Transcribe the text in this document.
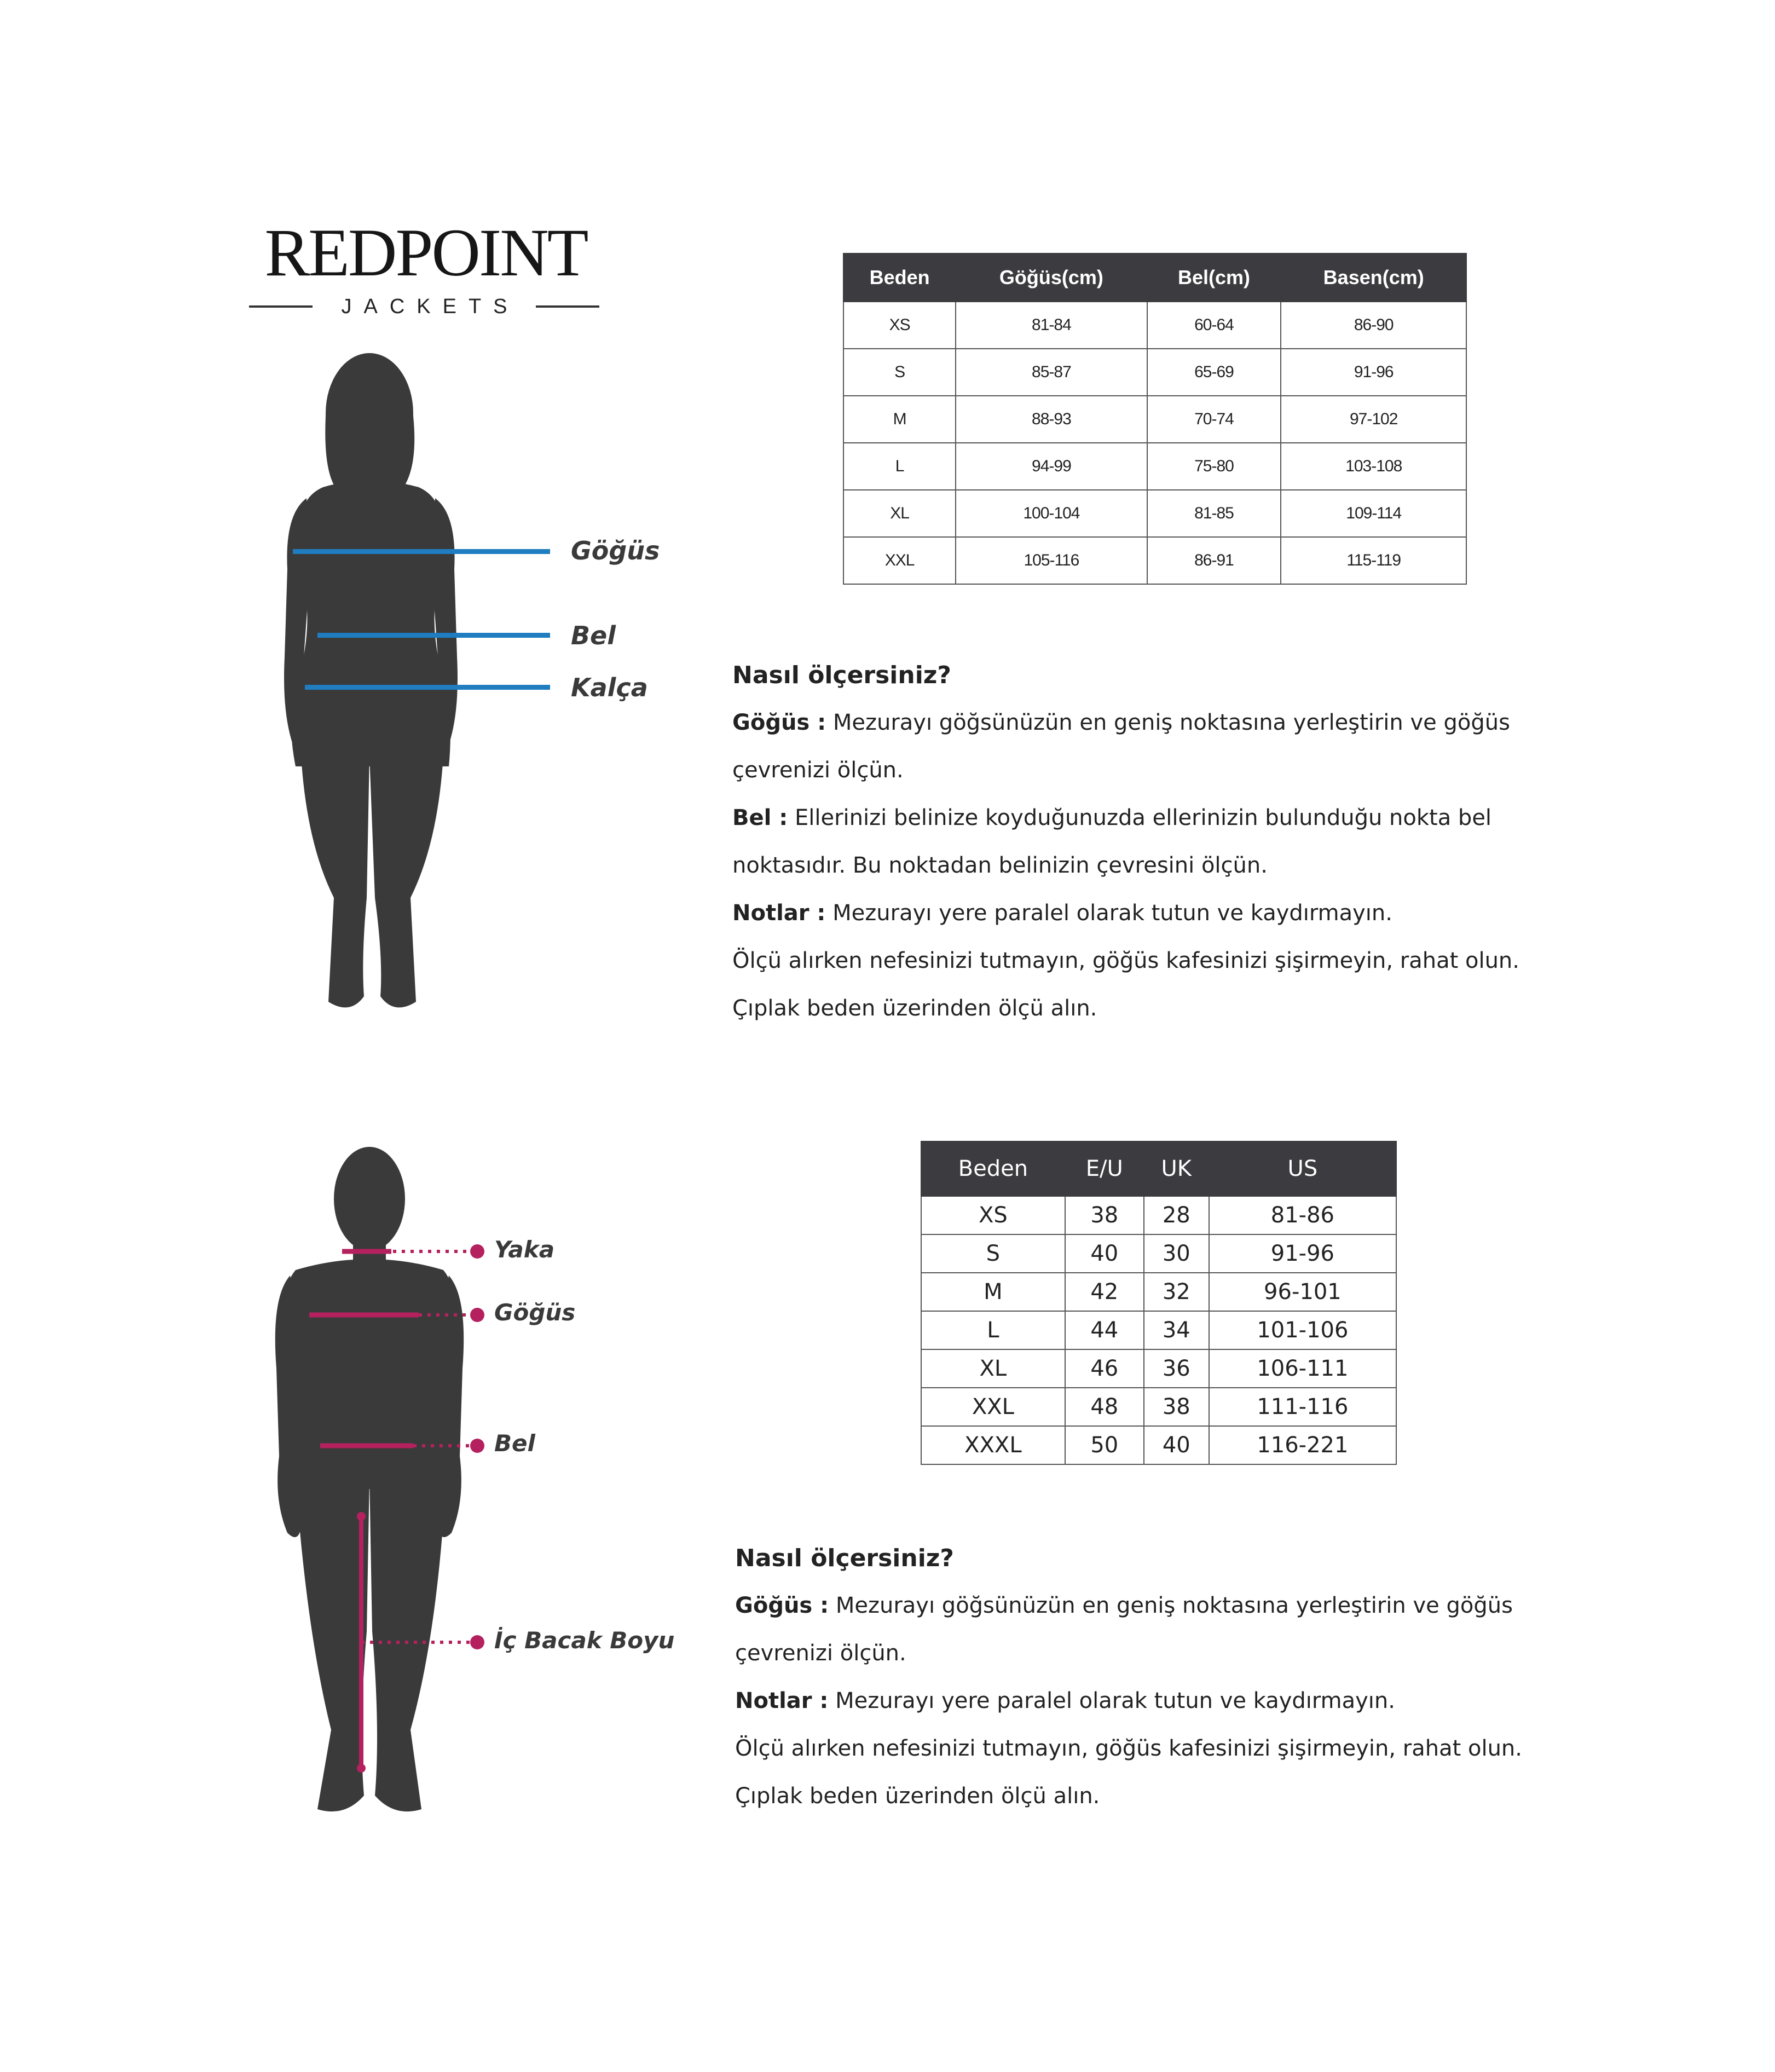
REDPOINT
JACKETS
Göğüs
Bel
Kalça
Beden	Göğüs(cm)	Bel(cm)	Basen(cm)
XS	81-84	60-64	86-90
S	85-87	65-69	91-96
M	88-93	70-74	97-102
L	94-99	75-80	103-108
XL	100-104	81-85	109-114
XXL	105-116	86-91	115-119
Nasıl ölçersiniz?
Göğüs : Mezurayı göğsünüzün en geniş noktasına yerleştirin ve göğüs
çevrenizi ölçün.
Bel : Ellerinizi belinize koyduğunuzda ellerinizin bulunduğu nokta bel
noktasıdır. Bu noktadan belinizin çevresini ölçün.
Notlar : Mezurayı yere paralel olarak tutun ve kaydırmayın.
Ölçü alırken nefesinizi tutmayın, göğüs kafesinizi şişirmeyin, rahat olun.
Çıplak beden üzerinden ölçü alın.
Yaka
Göğüs
Bel
İç Bacak Boyu
Beden	E/U	UK	US
XS	38	28	81-86
S	40	30	91-96
M	42	32	96-101
L	44	34	101-106
XL	46	36	106-111
XXL	48	38	111-116
XXXL	50	40	116-221
Nasıl ölçersiniz?
Göğüs : Mezurayı göğsünüzün en geniş noktasına yerleştirin ve göğüs
çevrenizi ölçün.
Notlar : Mezurayı yere paralel olarak tutun ve kaydırmayın.
Ölçü alırken nefesinizi tutmayın, göğüs kafesinizi şişirmeyin, rahat olun.
Çıplak beden üzerinden ölçü alın.
